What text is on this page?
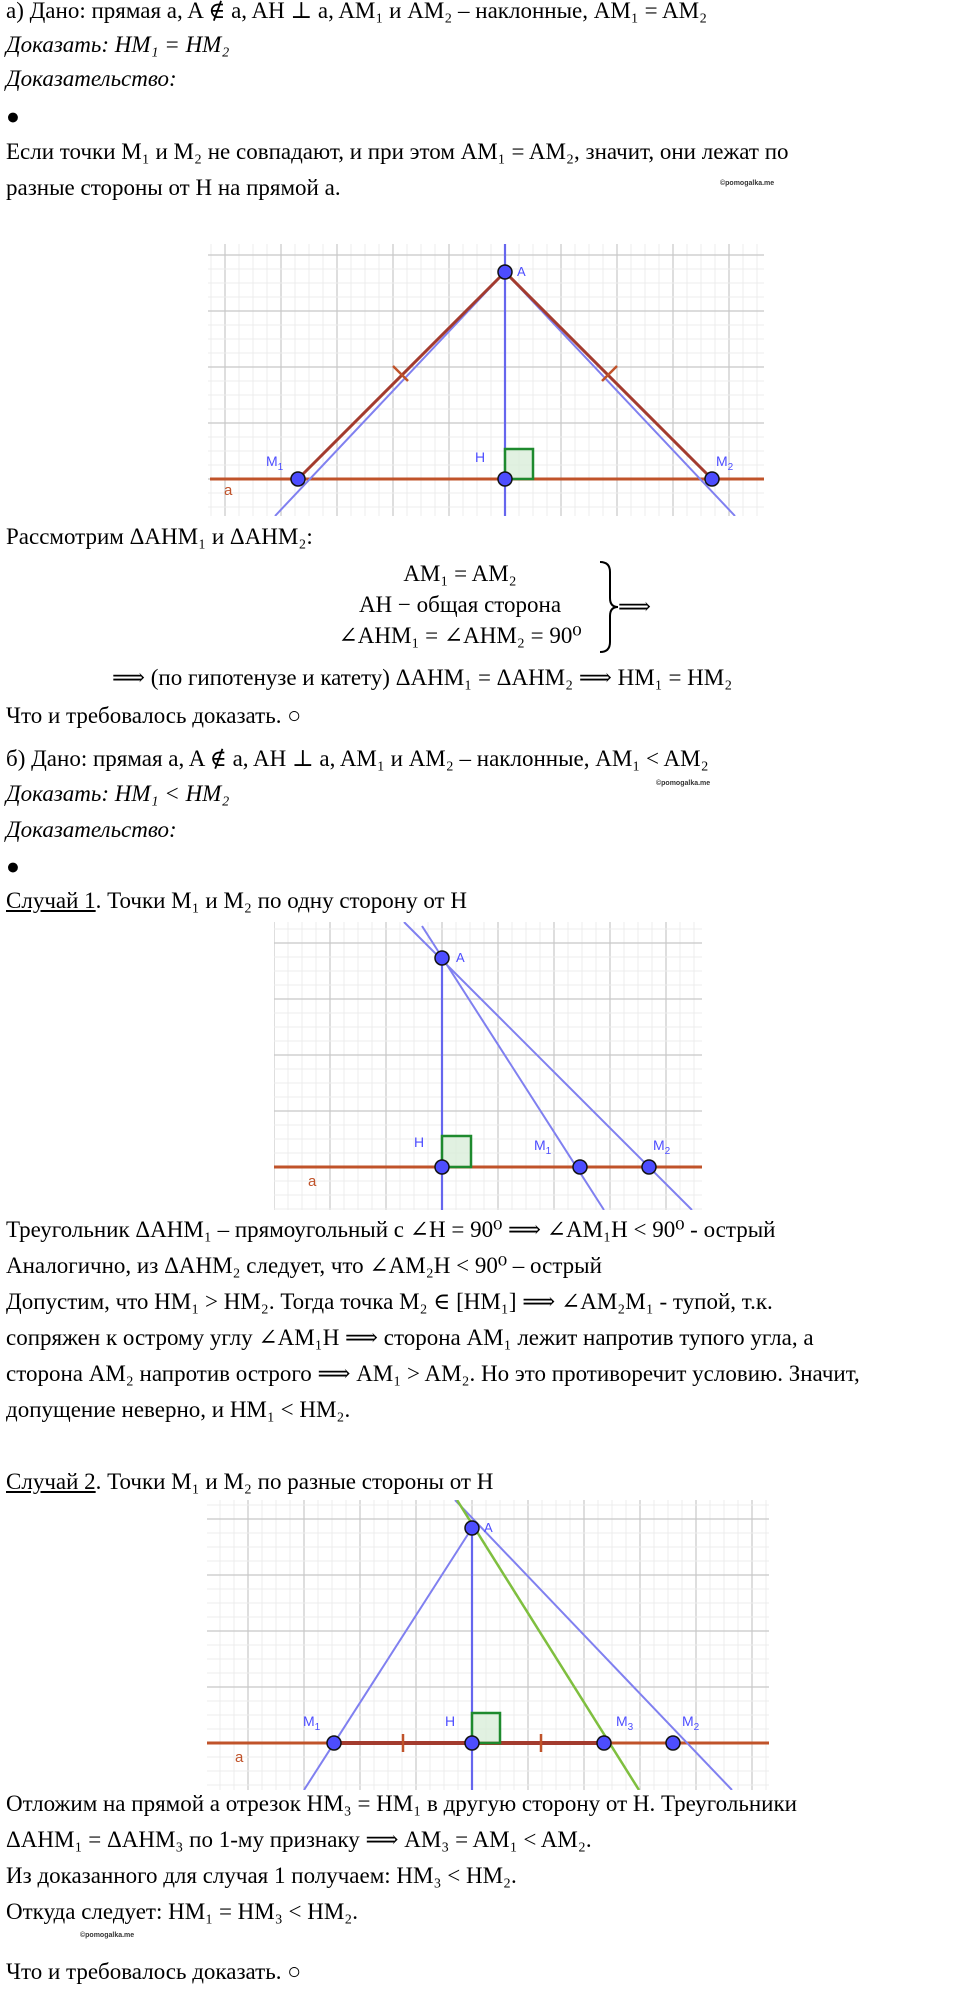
а) Дано: прямая a, A ∉ a, AH ⊥ a, AM₁ и AM₂ – наклонные, AM₁ = AM₂
Доказать: HM₁ = HM₂
Доказательство:
●
Если точки M₁ и M₂ не совпадают, и при этом AM₁ = AM₂, значит, они лежат по
разные стороны от H на прямой a.	©pomogalka.me
A
H
$M_1$	$M_2$
a
Рассмотрим ΔAHM₁ и ΔAHM₂:
AM₁ = AM₂
AH − общая сторона
∠AHM₁ = ∠AHM₂ = 90⁰
⟹
⟹ (по гипотенузе и катету) ΔAHM₁ = ΔAHM₂ ⟹ HM₁ = HM₂
Что и требовалось доказать. ○
б) Дано: прямая a, A ∉ a, AH ⊥ a, AM₁ и AM₂ – наклонные, AM₁ < AM₂
©pomogalka.me
Доказать: HM₁ < HM₂
Доказательство:
●
Случай 1. Точки M₁ и M₂ по одну сторону от H
A
H	$M_1$	$M_2$
a
Треугольник ΔAHM₁ – прямоугольный с ∠H = 90⁰ ⟹ ∠AM₁H < 90⁰ - острый
Аналогично, из ΔAHM₂ следует, что ∠AM₂H < 90⁰ – острый
Допустим, что HM₁ > HM₂. Тогда точка M₂ ∈ [HM₁] ⟹ ∠AM₂M₁ - тупой, т.к.
сопряжен к острому углу ∠AM₁H ⟹ сторона AM₁ лежит напротив тупого угла, а
сторона AM₂ напротив острого ⟹ AM₁ > AM₂. Но это противоречит условию. Значит,
допущение неверно, и HM₁ < HM₂.
Случай 2. Точки M₁ и M₂ по разные стороны от H
A
H
$M_1$	$M_3$	$M_2$
a
Отложим на прямой a отрезок HM₃ = HM₁ в другую сторону от H. Треугольники
ΔAHM₁ = ΔAHM₃ по 1-му признаку ⟹ AM₃ = AM₁ < AM₂.
Из доказанного для случая 1 получаем: HM₃ < HM₂.
Откуда следует: HM₁ = HM₃ < HM₂.
©pomogalka.me
Что и требовалось доказать. ○
